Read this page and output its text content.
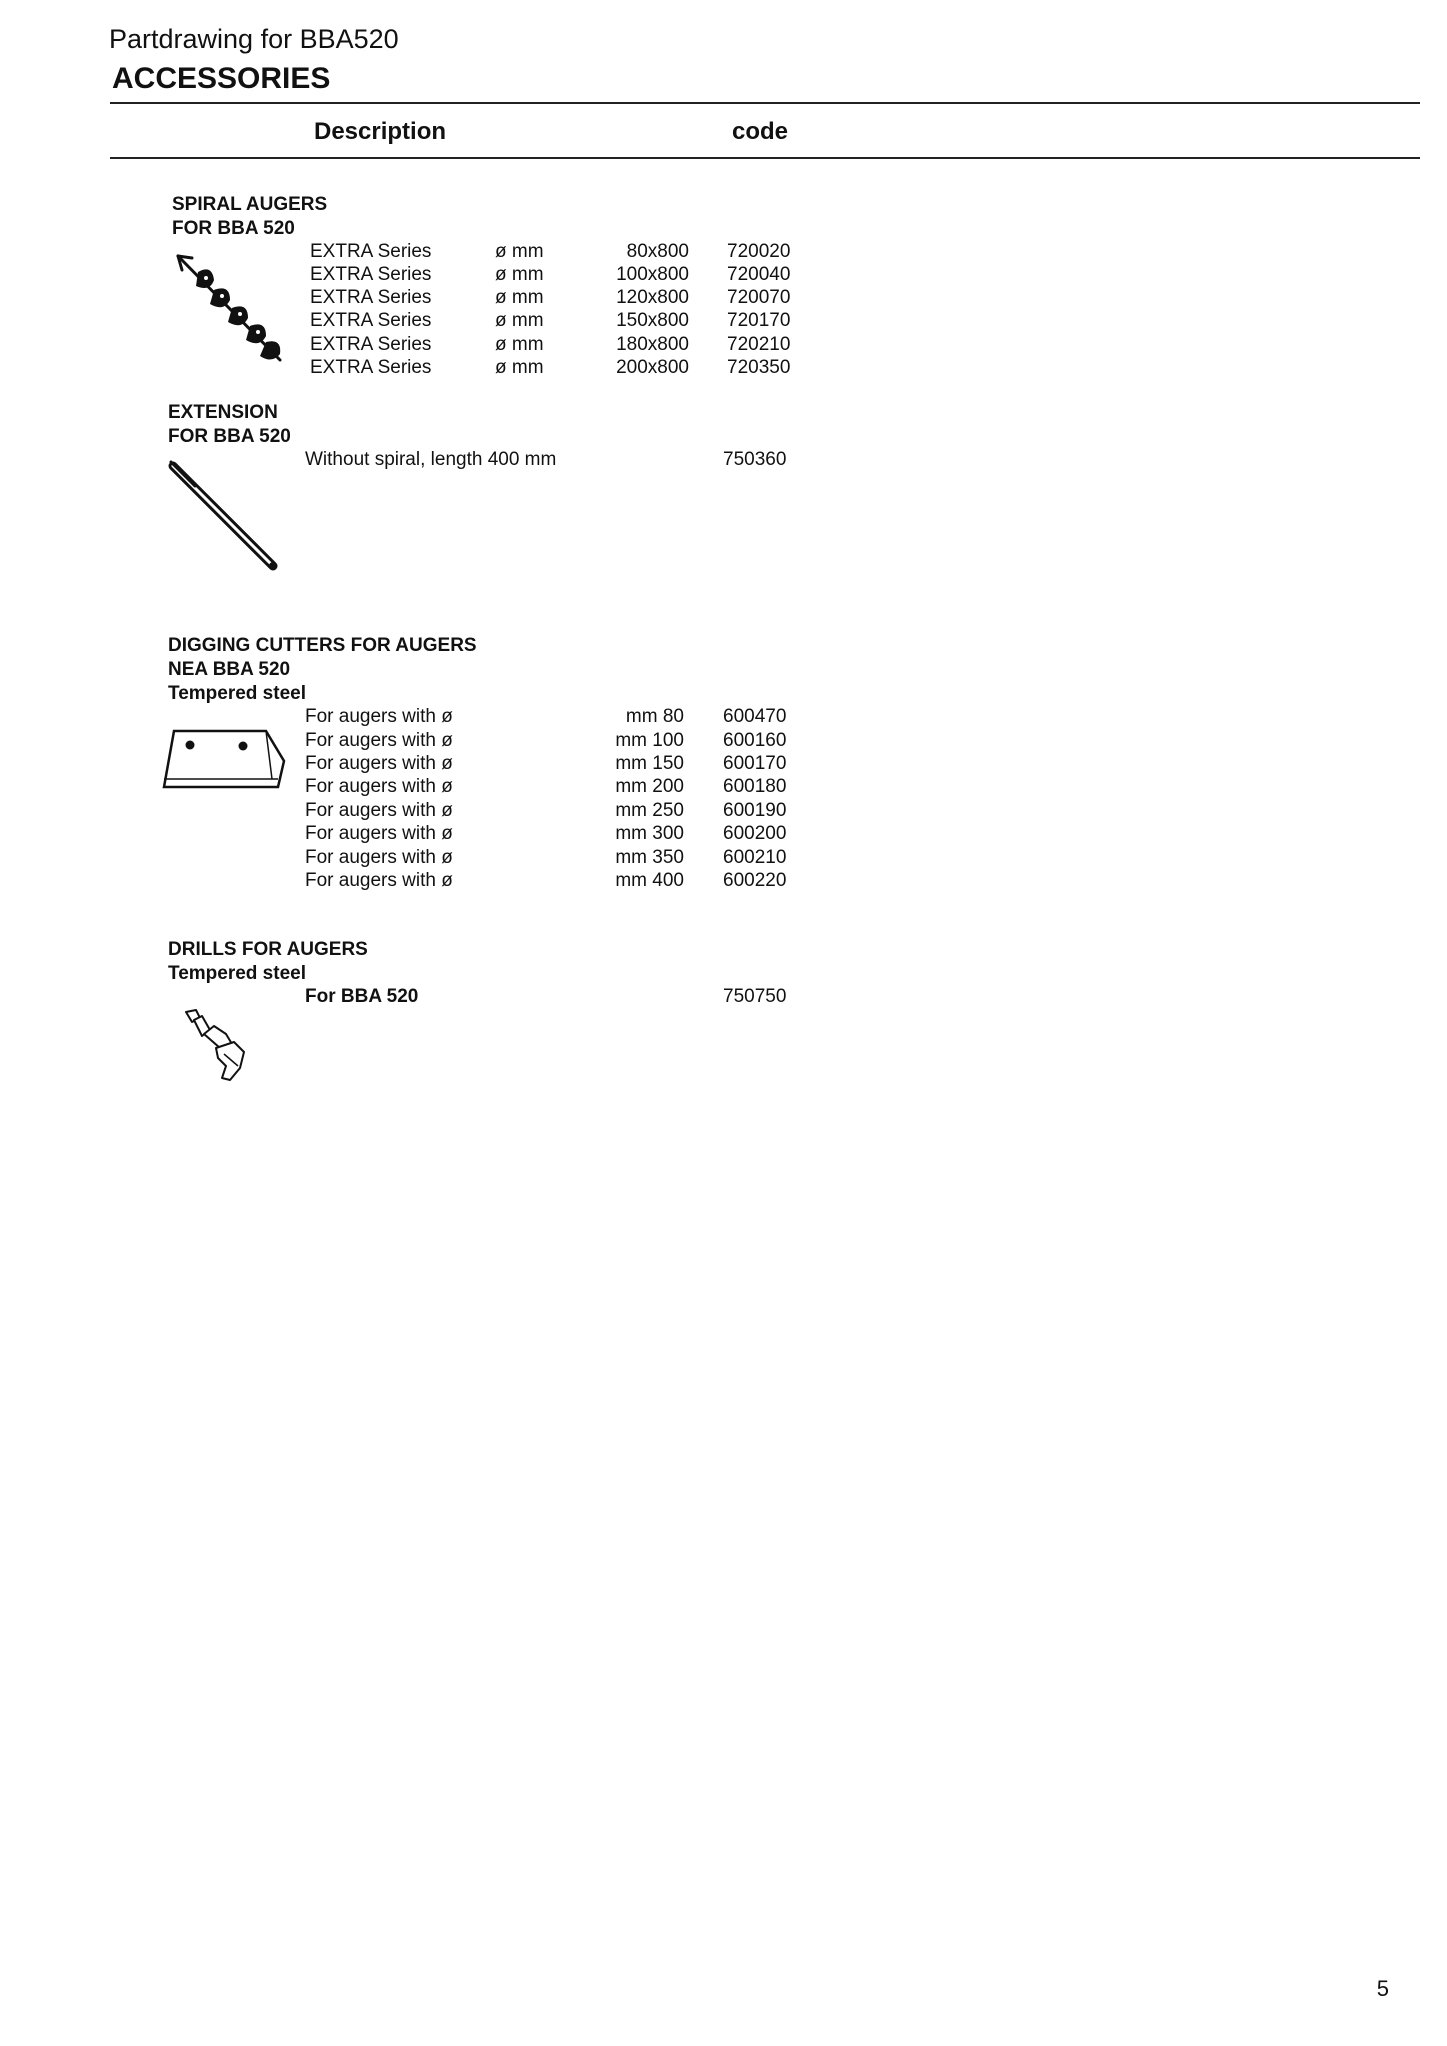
Partdrawing for BBA520
ACCESSORIES
Description	code
SPIRAL AUGERS
FOR BBA 520
EXTRA Series	ø mm	80x800 720020
EXTRA Series	ø mm	100x800 720040
EXTRA Series	ø mm	120x800 720070
EXTRA Series	ø mm	150x800 720170
EXTRA Series	ø mm	180x800 720210
EXTRA Series	ø mm	200x800 720350
EXTENSION
FOR BBA 520
Without spiral, length 400 mm	750360
DIGGING CUTTERS FOR AUGERS
NEA BBA 520
Tempered steel
For augers with ø	mm 80 600470
For augers with ø	mm 100 600160
For augers with ø	mm 150 600170
For augers with ø	mm 200 600180
For augers with ø	mm 250 600190
For augers with ø	mm 300 600200
For augers with ø	mm 350 600210
For augers with ø	mm 400 600220
DRILLS FOR AUGERS
Tempered steel
For BBA 520	750750
5
